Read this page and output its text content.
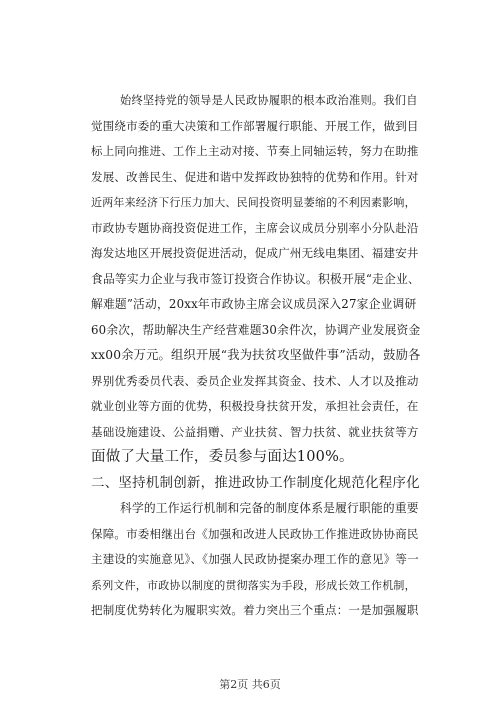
始终坚持党的领导是人民政协履职的根本政治准则。我们自
觉围绕市委的重大决策和工作部署履行职能、开展工作，做到目
标上同向推进、工作上主动对接、节奏上同轴运转，努力在助推
发展、改善民生、促进和谐中发挥政协独特的优势和作用。针对
近两年来经济下行压力加大、民间投资明显萎缩的不利因素影响，
市政协专题协商投资促进工作，主席会议成员分别率小分队赴沿
海发达地区开展投资促进活动，促成广州无线电集团、福建安井
食品等实力企业与我市签订投资合作协议。积极开展“走企业、
解难题”活动，20xx年市政协主席会议成员深入27家企业调研
60余次，帮助解决生产经营难题30余件次，协调产业发展资金
xx00余万元。组织开展“我为扶贫攻坚做件事”活动，鼓励各
界别优秀委员代表、委员企业发挥其资金、技术、人才以及推动
就业创业等方面的优势，积极投身扶贫开发，承担社会责任，在
基础设施建设、公益捐赠、产业扶贫、智力扶贫、就业扶贫等方
面做了大量工作，委员参与面达100%。
二、坚持机制创新，推进政协工作制度化规范化程序化
科学的工作运行机制和完备的制度体系是履行职能的重要
保障。市委相继出台《加强和改进人民政协工作推进政协协商民
主建设的实施意见》、《加强人民政协提案办理工作的意见》等一
系列文件，市政协以制度的贯彻落实为手段，形成长效工作机制，
把制度优势转化为履职实效。着力突出三个重点：一是加强履职
第2页 共6页
